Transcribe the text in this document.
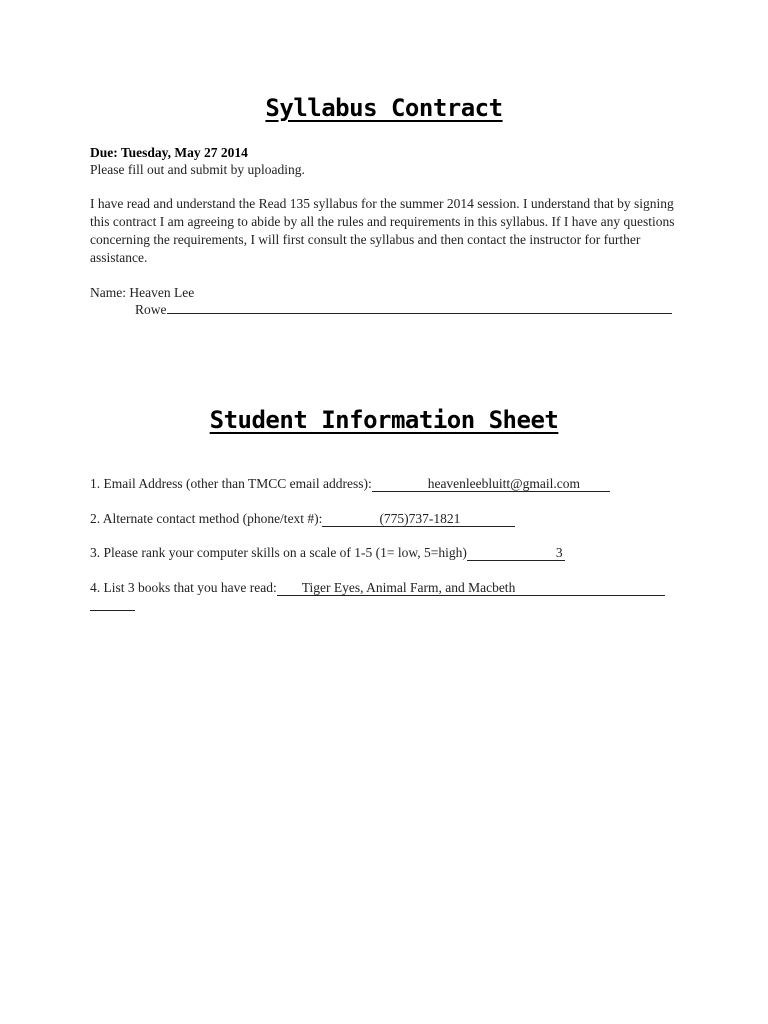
Syllabus Contract
Due: Tuesday, May 27 2014
Please fill out and submit by uploading.
I have read and understand the Read 135 syllabus for the summer 2014 session. I understand that by signing this contract I am agreeing to abide by all the rules and requirements in this syllabus. If I have any questions concerning the requirements, I will first consult the syllabus and then contact the instructor for further assistance.
Name: Heaven Lee
Rowe
Student Information Sheet
1. Email Address (other than TMCC email address):	heavenleebluitt@gmail.com
2. Alternate contact method (phone/text #):	(775)737-1821
3. Please rank your computer skills on a scale of 1-5 (1= low, 5=high)	3
4. List 3 books that you have read: Tiger Eyes, Animal Farm, and Macbeth
